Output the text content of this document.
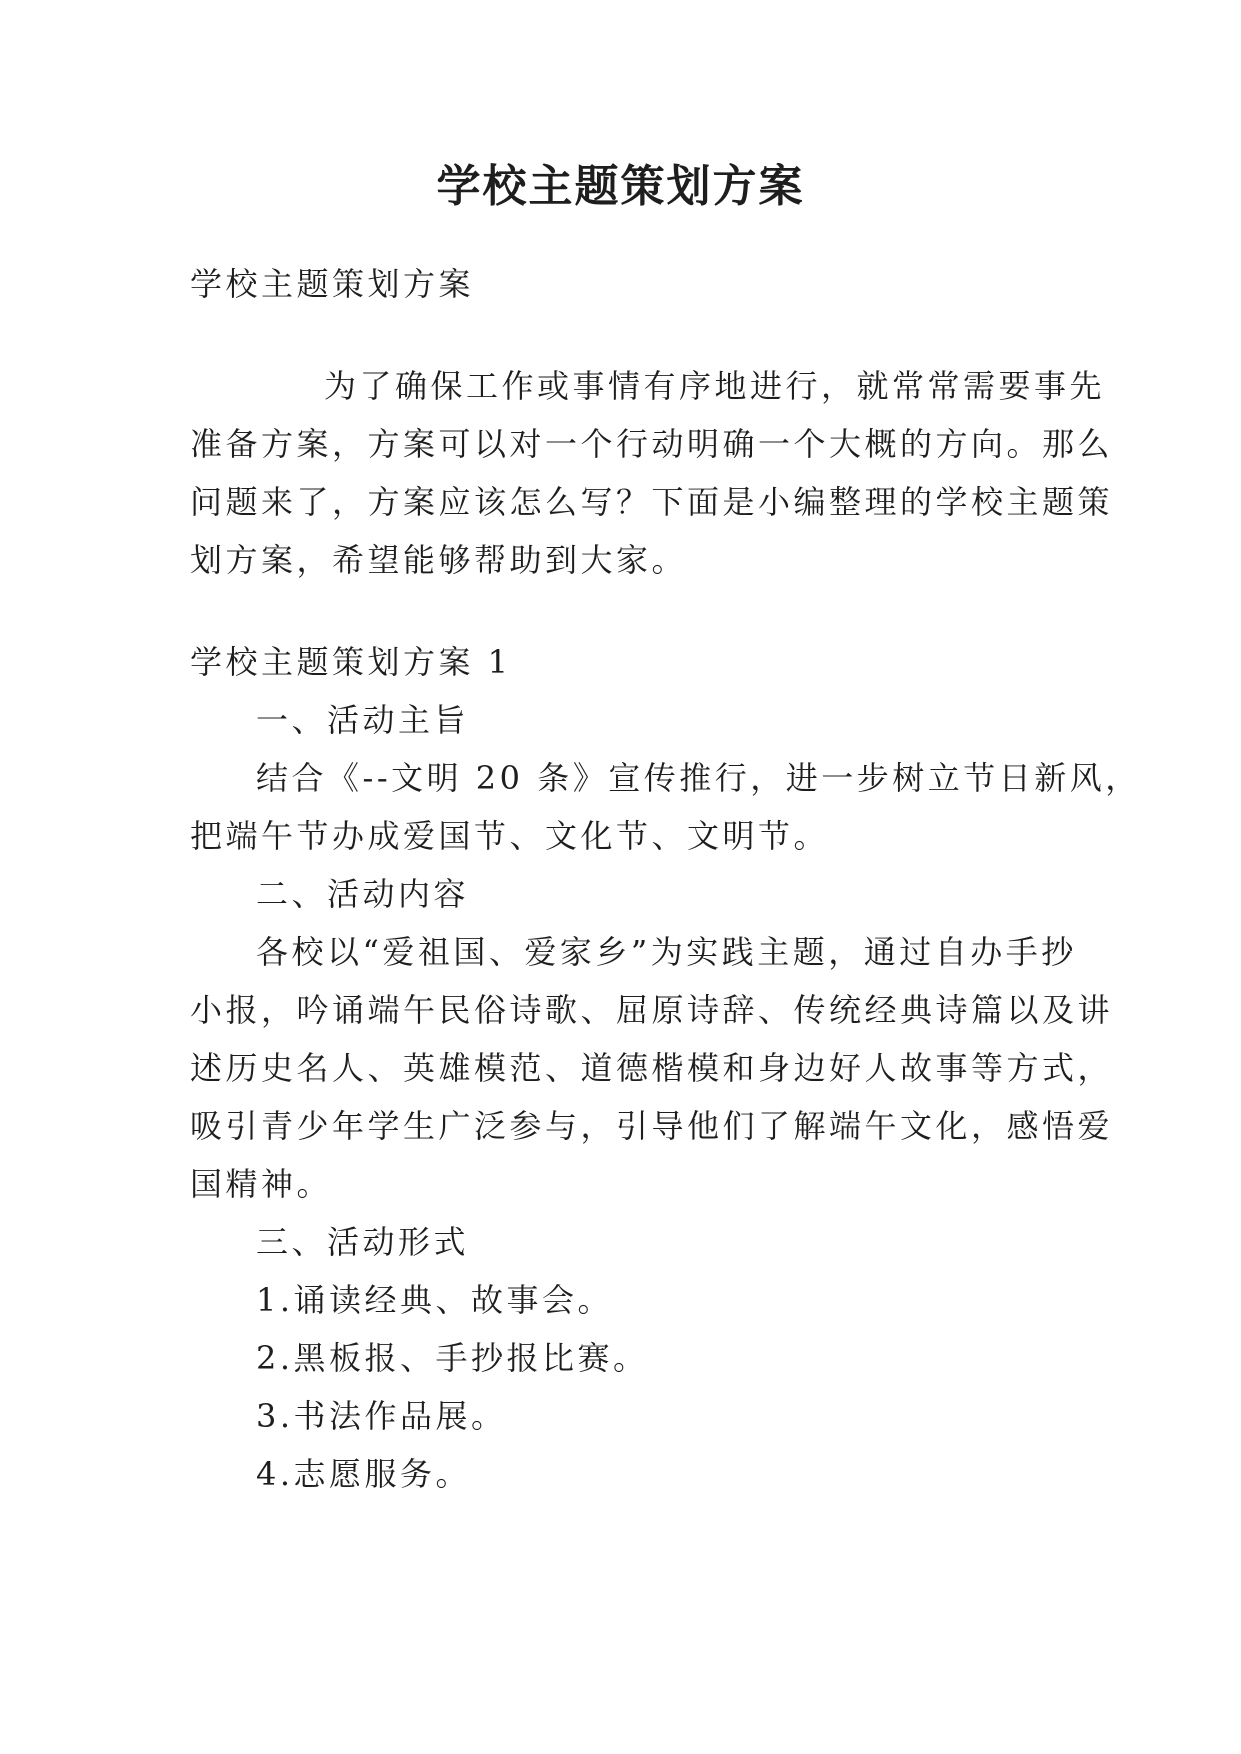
学校主题策划方案
学校主题策划方案
为了确保工作或事情有序地进行，就常常需要事先
准备方案，方案可以对一个行动明确一个大概的方向。那么
问题来了，方案应该怎么写？下面是小编整理的学校主题策
划方案，希望能够帮助到大家。
学校主题策划方案 1
一、活动主旨
结合《--文明 20 条》宣传推行，进一步树立节日新风，
把端午节办成爱国节、文化节、文明节。
二、活动内容
各校以“爱祖国、爱家乡”为实践主题，通过自办手抄
小报，吟诵端午民俗诗歌、屈原诗辞、传统经典诗篇以及讲
述历史名人、英雄模范、道德楷模和身边好人故事等方式，
吸引青少年学生广泛参与，引导他们了解端午文化，感悟爱
国精神。
三、活动形式
1.诵读经典、故事会。
2.黑板报、手抄报比赛。
3.书法作品展。
4.志愿服务。
